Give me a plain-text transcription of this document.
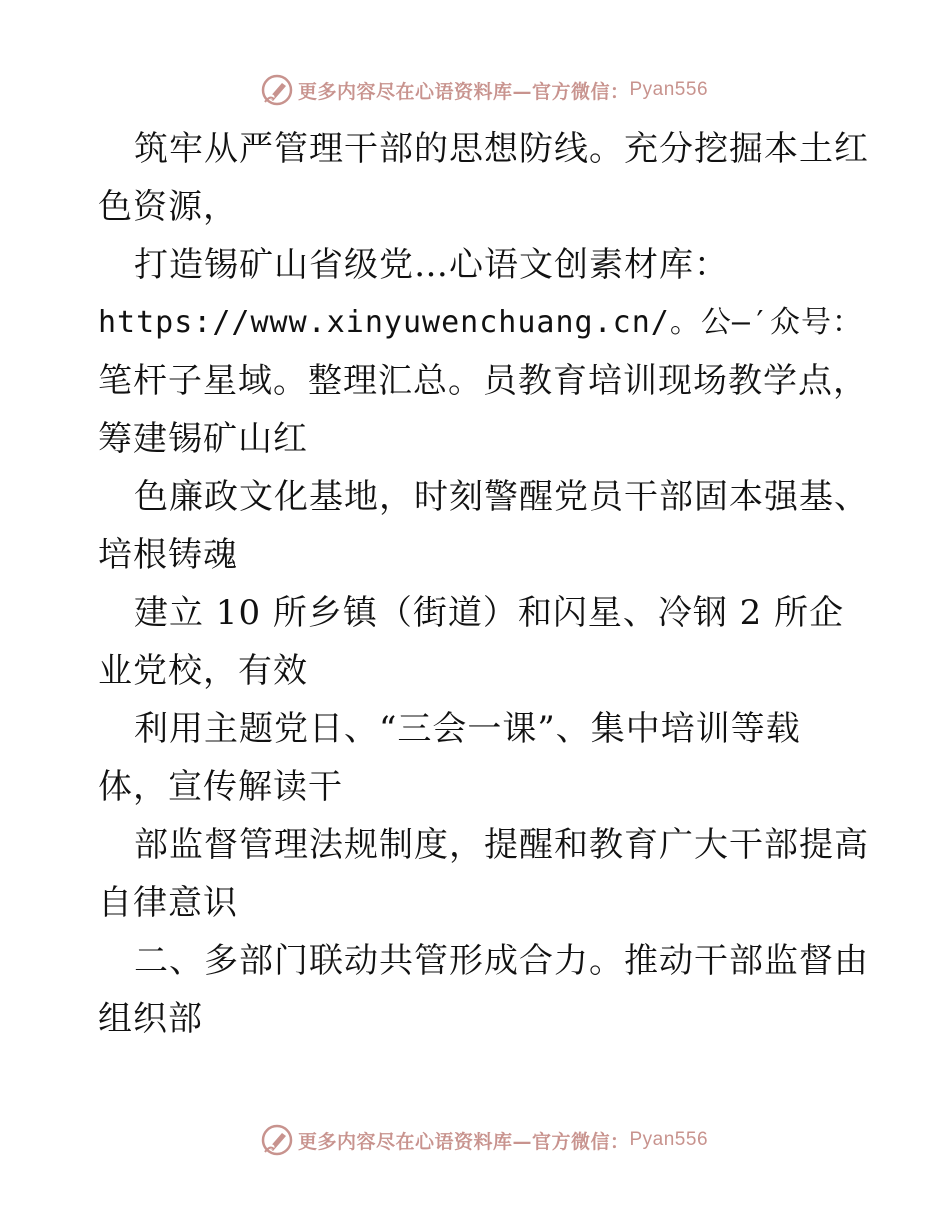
更多内容尽在心语资料库—官方微信： Pyan556
筑牢从严管理干部的思想防线。充分挖掘本土红
色资源，
打造锡矿山省级党…心语文创素材库：
https://www.xinyuwenchuang.cn/。公—′众号：
笔杆子星域。整理汇总。员教育培训现场教学点，
筹建锡矿山红
色廉政文化基地，时刻警醒党员干部固本强基、
培根铸魂
建立 10 所乡镇（街道）和闪星、冷钢 2 所企
业党校，有效
利用主题党日、“三会一课”、集中培训等载
体，宣传解读干
部监督管理法规制度，提醒和教育广大干部提高
自律意识
二、多部门联动共管形成合力。推动干部监督由
组织部
更多内容尽在心语资料库—官方微信： Pyan556
